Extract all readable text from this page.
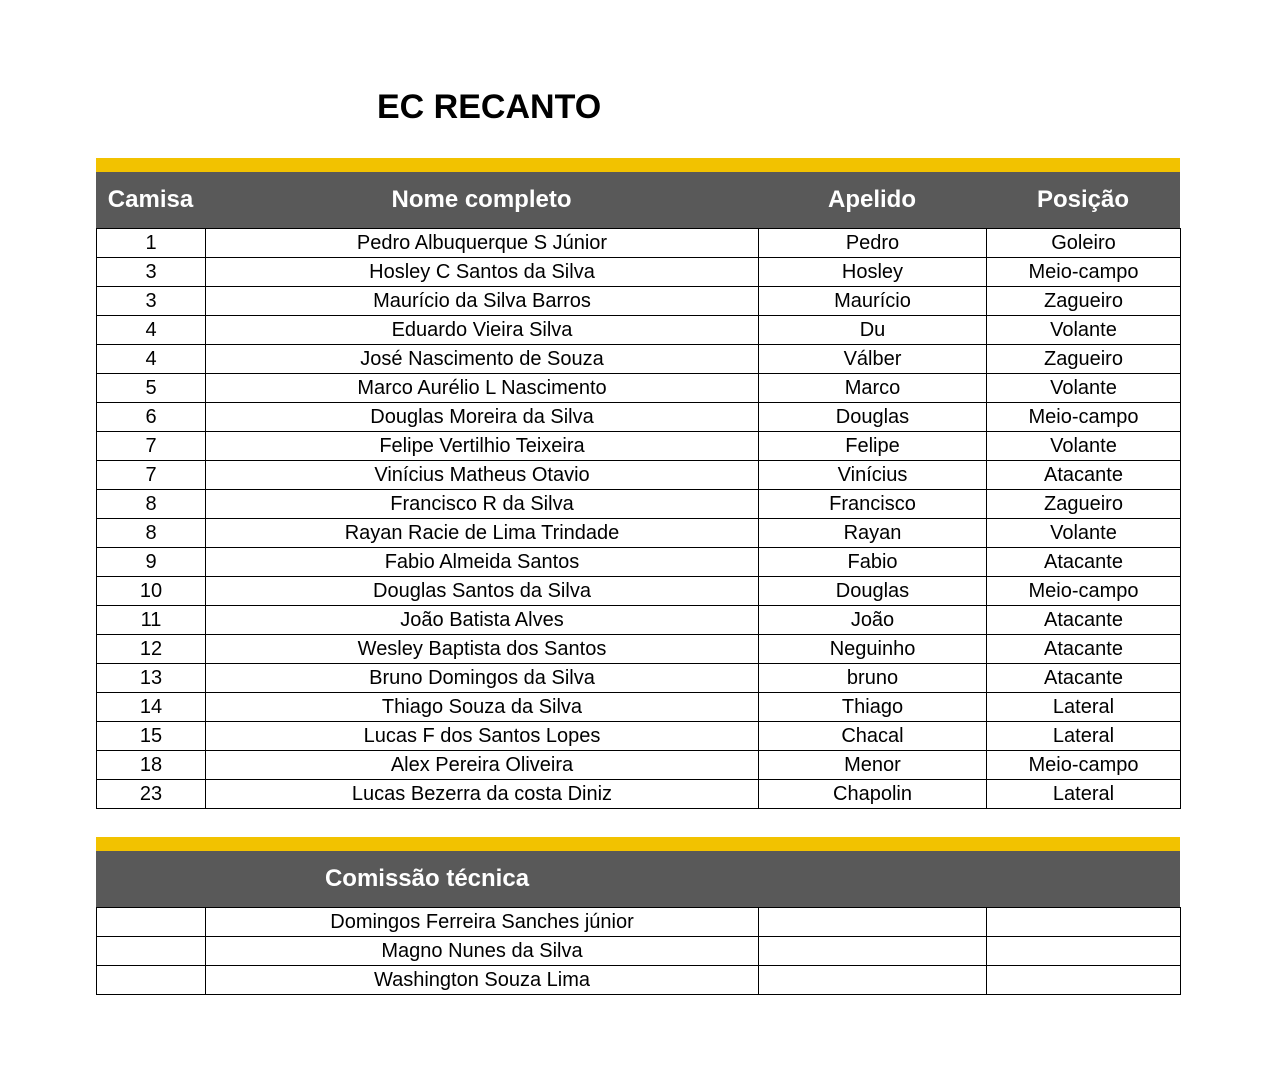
EC RECANTO
Camisa	Nome completo	Apelido	Posição
1	Pedro Albuquerque S Júnior	Pedro	Goleiro
3	Hosley C Santos da Silva	Hosley	Meio-campo
3	Maurício da Silva Barros	Maurício	Zagueiro
4	Eduardo Vieira Silva	Du	Volante
4	José Nascimento de Souza	Válber	Zagueiro
5	Marco Aurélio L Nascimento	Marco	Volante
6	Douglas Moreira da Silva	Douglas	Meio-campo
7	Felipe Vertilhio Teixeira	Felipe	Volante
7	Vinícius Matheus Otavio	Vinícius	Atacante
8	Francisco R da Silva	Francisco	Zagueiro
8	Rayan Racie de Lima Trindade	Rayan	Volante
9	Fabio Almeida Santos	Fabio	Atacante
10	Douglas Santos da Silva	Douglas	Meio-campo
11	João Batista Alves	João	Atacante
12	Wesley Baptista dos Santos	Neguinho	Atacante
13	Bruno Domingos da Silva	bruno	Atacante
14	Thiago Souza da Silva	Thiago	Lateral
15	Lucas F dos Santos Lopes	Chacal	Lateral
18	Alex Pereira Oliveira	Menor	Meio-campo
23	Lucas Bezerra da costa Diniz	Chapolin	Lateral
Comissão técnica
	Domingos Ferreira Sanches júnior		
	Magno Nunes da Silva		
	Washington Souza Lima		
